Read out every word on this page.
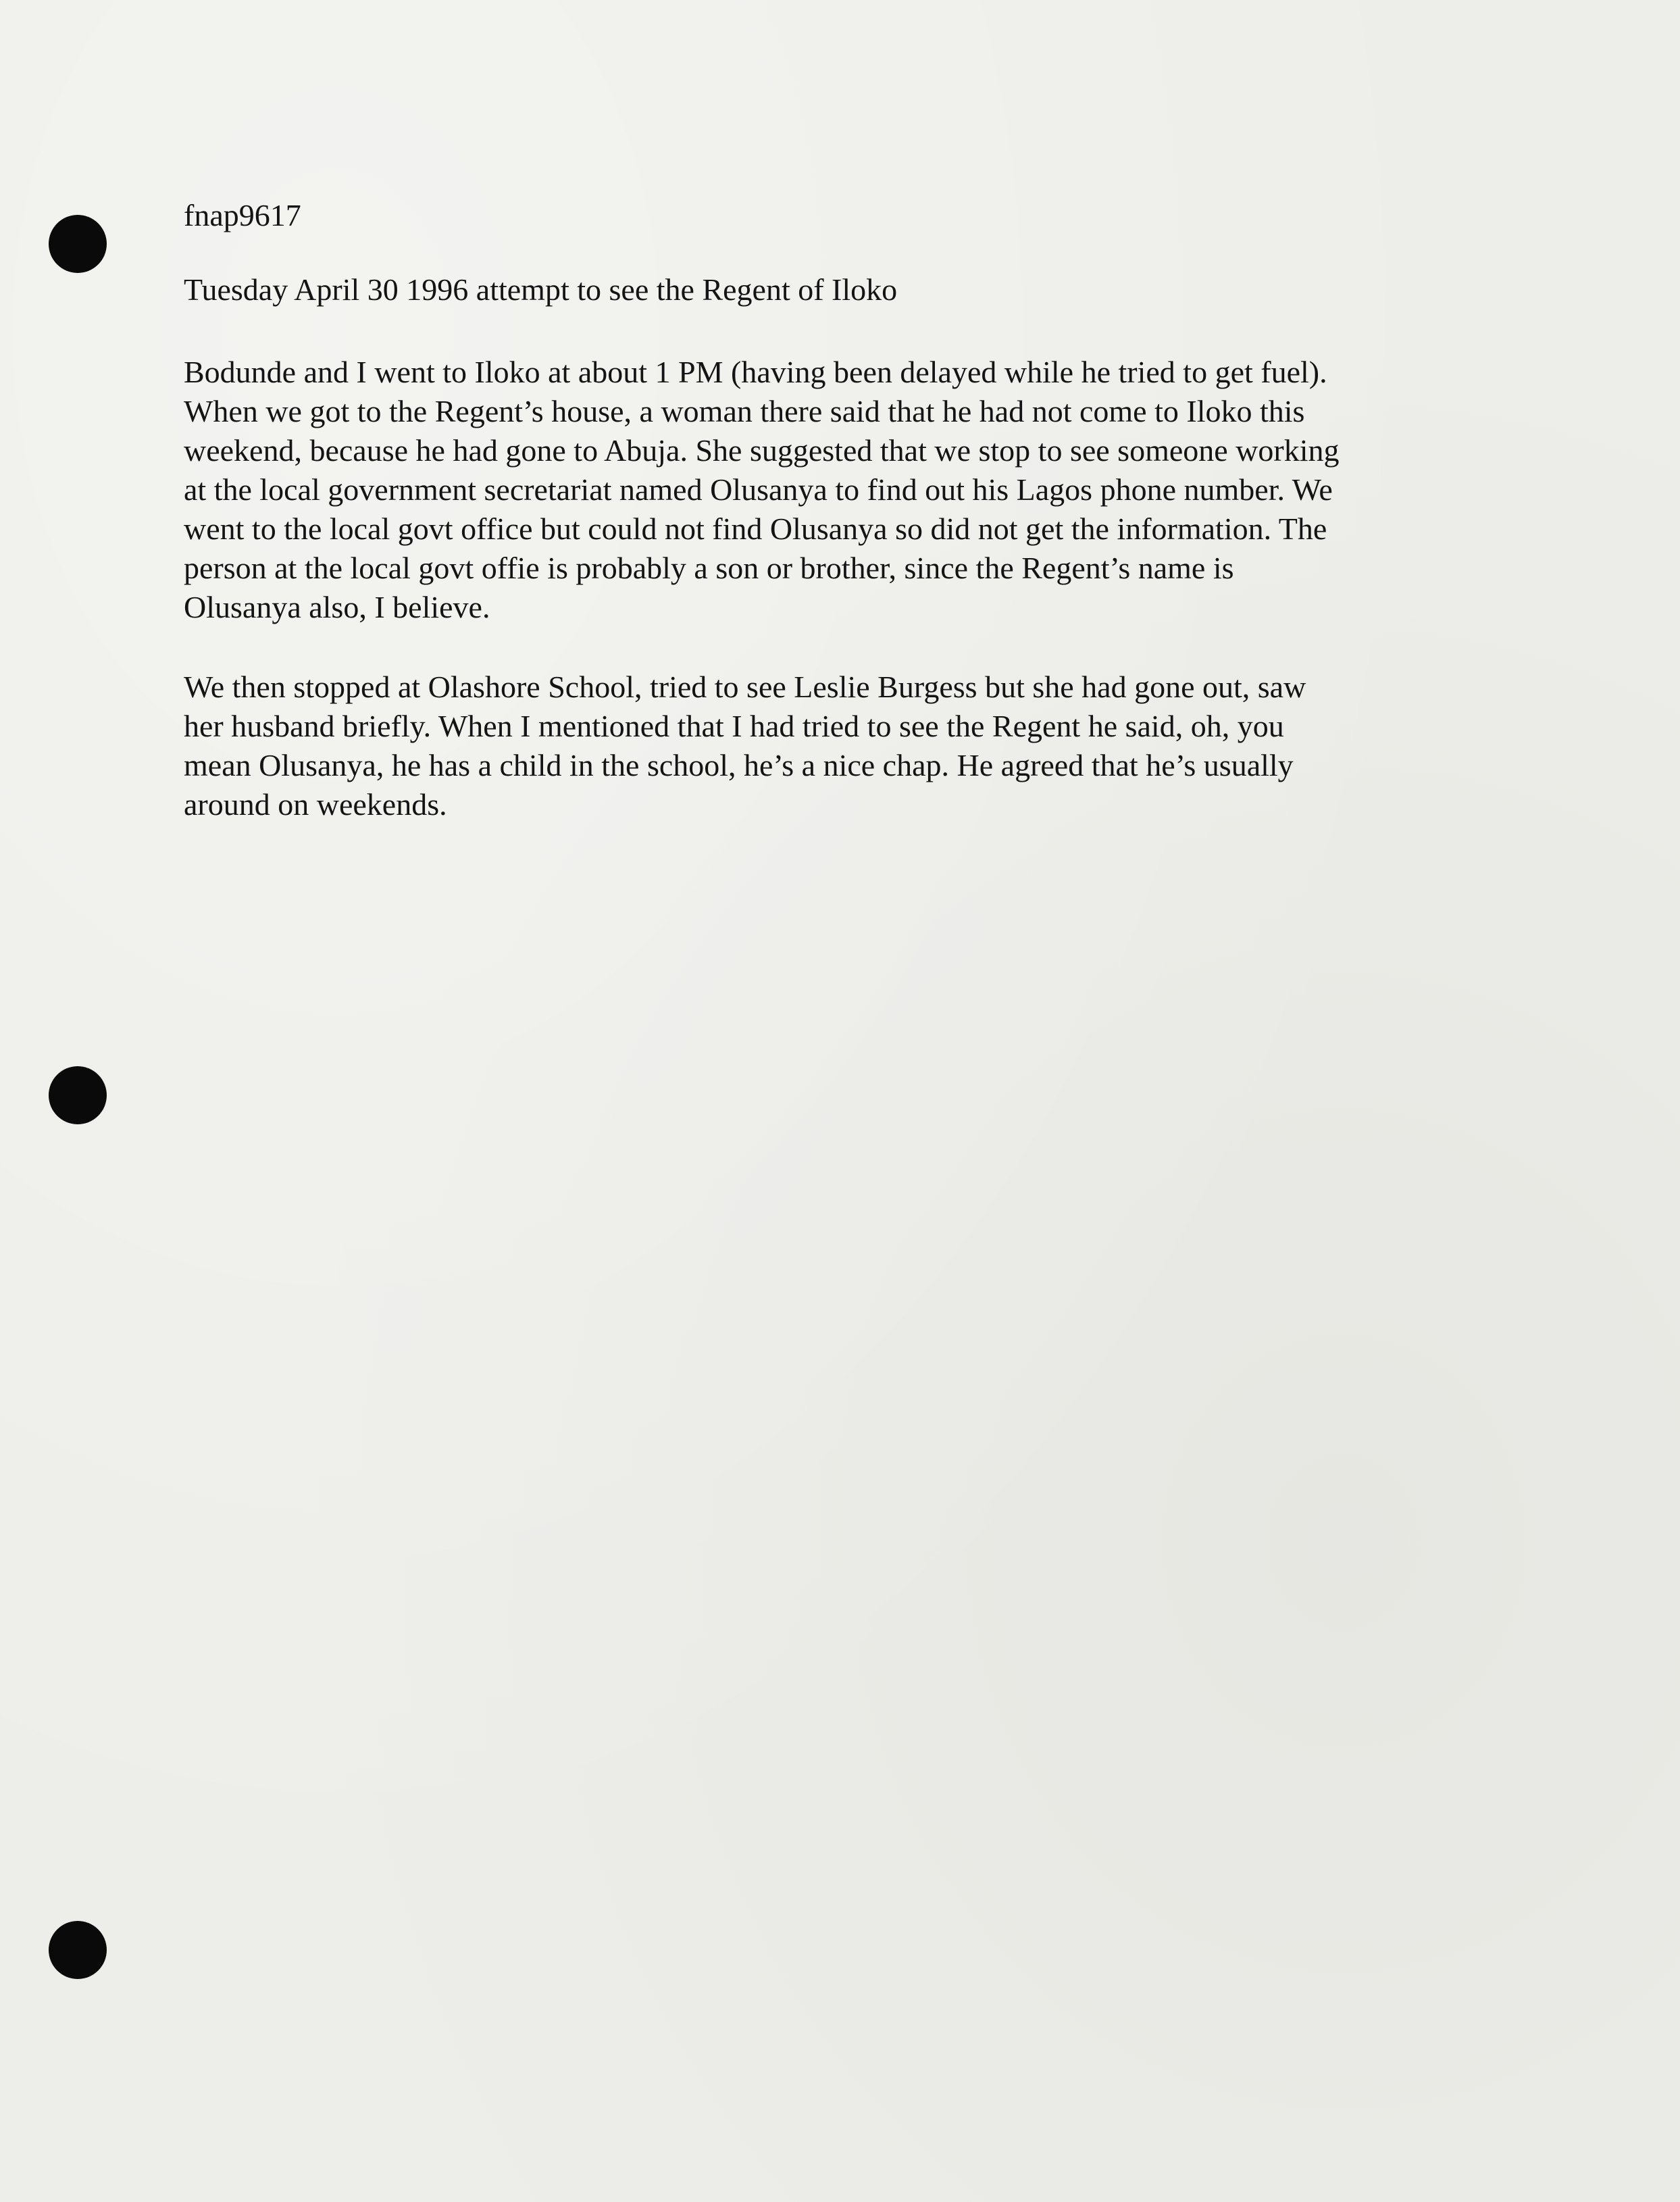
fnap9617

Tuesday April 30 1996 attempt to see the Regent of Iloko

Bodunde and I went to Iloko at about 1 PM (having been delayed while he tried to get fuel).
When we got to the Regent’s house, a woman there said that he had not come to Iloko this
weekend, because he had gone to Abuja. She suggested that we stop to see someone working
at the local government secretariat named Olusanya to find out his Lagos phone number. We
went to the local govt office but could not find Olusanya so did not get the information. The
person at the local govt offie is probably a son or brother, since the Regent’s name is
Olusanya also, I believe.

We then stopped at Olashore School, tried to see Leslie Burgess but she had gone out, saw
her husband briefly. When I mentioned that I had tried to see the Regent he said, oh, you
mean Olusanya, he has a child in the school, he’s a nice chap. He agreed that he’s usually
around on weekends.
